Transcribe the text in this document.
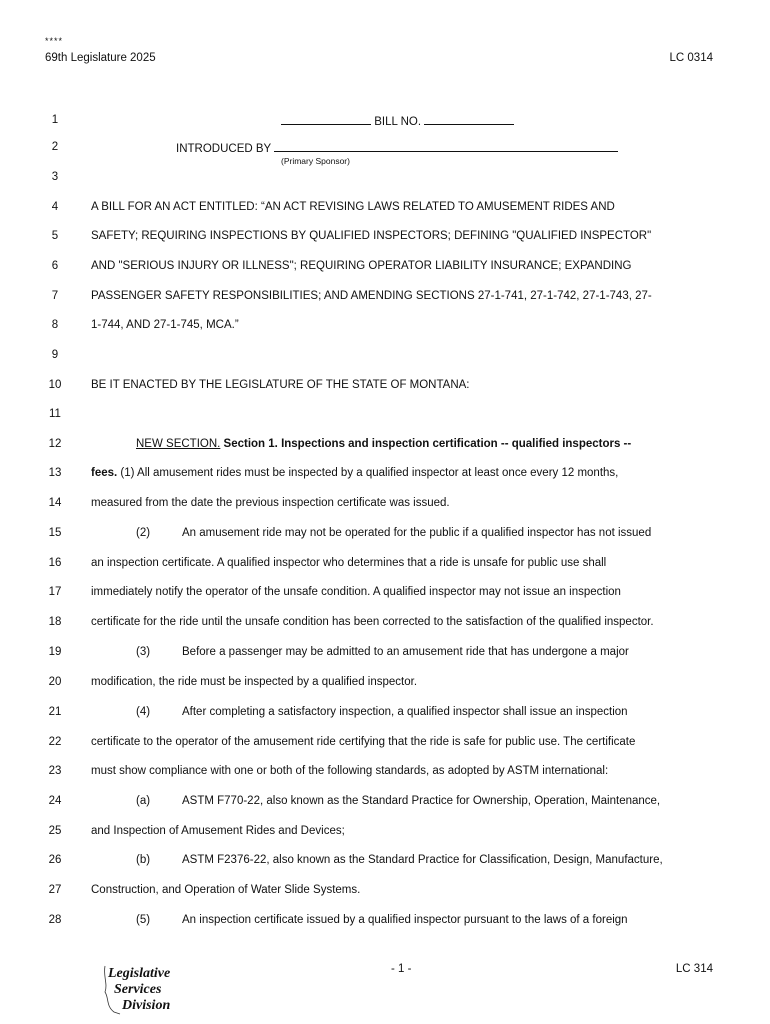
****
69th Legislature 2025	LC 0314
1	BILL NO.
2	INTRODUCED BY
(Primary Sponsor)
3
4	A BILL FOR AN ACT ENTITLED: “AN ACT REVISING LAWS RELATED TO AMUSEMENT RIDES AND
5	SAFETY; REQUIRING INSPECTIONS BY QUALIFIED INSPECTORS; DEFINING "QUALIFIED INSPECTOR"
6	AND "SERIOUS INJURY OR ILLNESS"; REQUIRING OPERATOR LIABILITY INSURANCE; EXPANDING
7	PASSENGER SAFETY RESPONSIBILITIES; AND AMENDING SECTIONS 27-1-741, 27-1-742, 27-1-743, 27-
8	1-744, AND 27-1-745, MCA.”
9
10	BE IT ENACTED BY THE LEGISLATURE OF THE STATE OF MONTANA:
11
12	NEW SECTION. Section 1. Inspections and inspection certification -- qualified inspectors --
13	fees. (1) All amusement rides must be inspected by a qualified inspector at least once every 12 months,
14	measured from the date the previous inspection certificate was issued.
15	(2)	An amusement ride may not be operated for the public if a qualified inspector has not issued
16	an inspection certificate. A qualified inspector who determines that a ride is unsafe for public use shall
17	immediately notify the operator of the unsafe condition. A qualified inspector may not issue an inspection
18	certificate for the ride until the unsafe condition has been corrected to the satisfaction of the qualified inspector.
19	(3)	Before a passenger may be admitted to an amusement ride that has undergone a major
20	modification, the ride must be inspected by a qualified inspector.
21	(4)	After completing a satisfactory inspection, a qualified inspector shall issue an inspection
22	certificate to the operator of the amusement ride certifying that the ride is safe for public use. The certificate
23	must show compliance with one or both of the following standards, as adopted by ASTM international:
24	(a)	ASTM F770-22, also known as the Standard Practice for Ownership, Operation, Maintenance,
25	and Inspection of Amusement Rides and Devices;
26	(b)	ASTM F2376-22, also known as the Standard Practice for Classification, Design, Manufacture,
27	Construction, and Operation of Water Slide Systems.
28	(5)	An inspection certificate issued by a qualified inspector pursuant to the laws of a foreign
Legislative
Services
Division
- 1 -	LC 314
